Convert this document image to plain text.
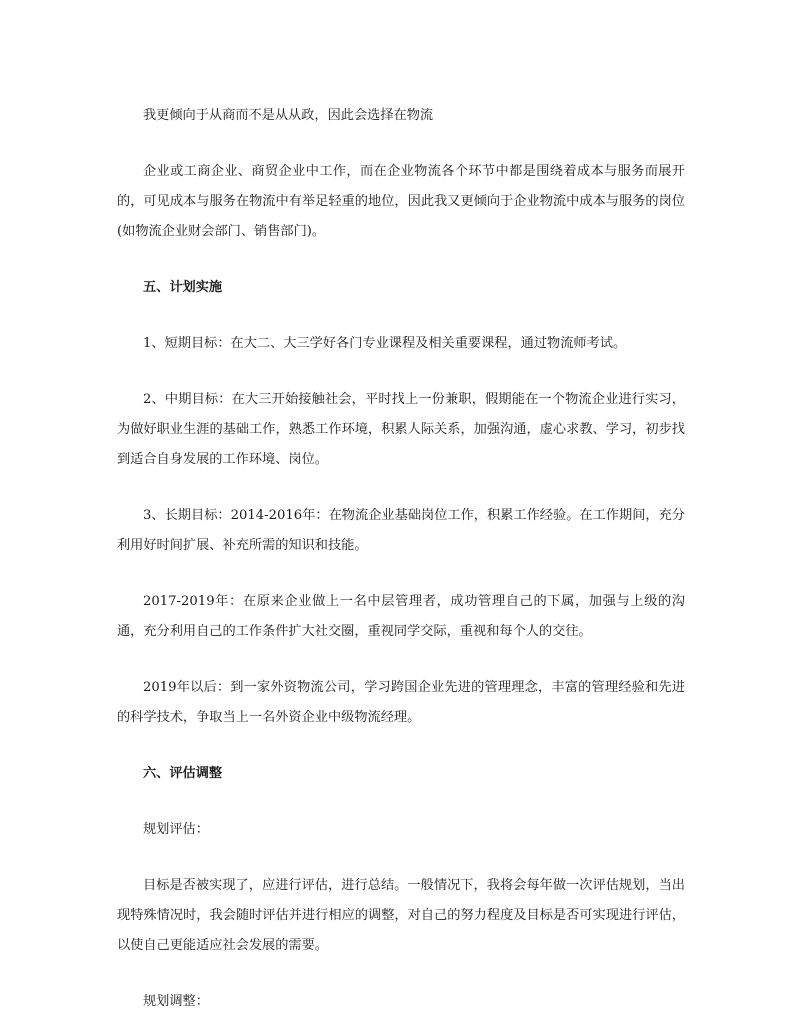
我更倾向于从商而不是从从政，因此会选择在物流

企业或工商企业、商贸企业中工作，而在企业物流各个环节中都是围绕着成本与服务而展开的，可见成本与服务在物流中有举足轻重的地位，因此我又更倾向于企业物流中成本与服务的岗位(如物流企业财会部门、销售部门)。

五、计划实施

1、短期目标：在大二、大三学好各门专业课程及相关重要课程，通过物流师考试。

2、中期目标：在大三开始接触社会，平时找上一份兼职，假期能在一个物流企业进行实习，为做好职业生涯的基础工作，熟悉工作环境，积累人际关系，加强沟通，虚心求教、学习，初步找到适合自身发展的工作环境、岗位。

3、长期目标：2014-2016年：在物流企业基础岗位工作，积累工作经验。在工作期间，充分利用好时间扩展、补充所需的知识和技能。

2017-2019年：在原来企业做上一名中层管理者，成功管理自己的下属，加强与上级的沟通，充分利用自己的工作条件扩大社交圈，重视同学交际，重视和每个人的交往。

2019年以后：到一家外资物流公司，学习跨国企业先进的管理理念，丰富的管理经验和先进的科学技术，争取当上一名外资企业中级物流经理。

六、评估调整

规划评估：

目标是否被实现了，应进行评估，进行总结。一般情况下，我将会每年做一次评估规划，当出现特殊情况时，我会随时评估并进行相应的调整，对自己的努力程度及目标是否可实现进行评估，以使自己更能适应社会发展的需要。

规划调整：
